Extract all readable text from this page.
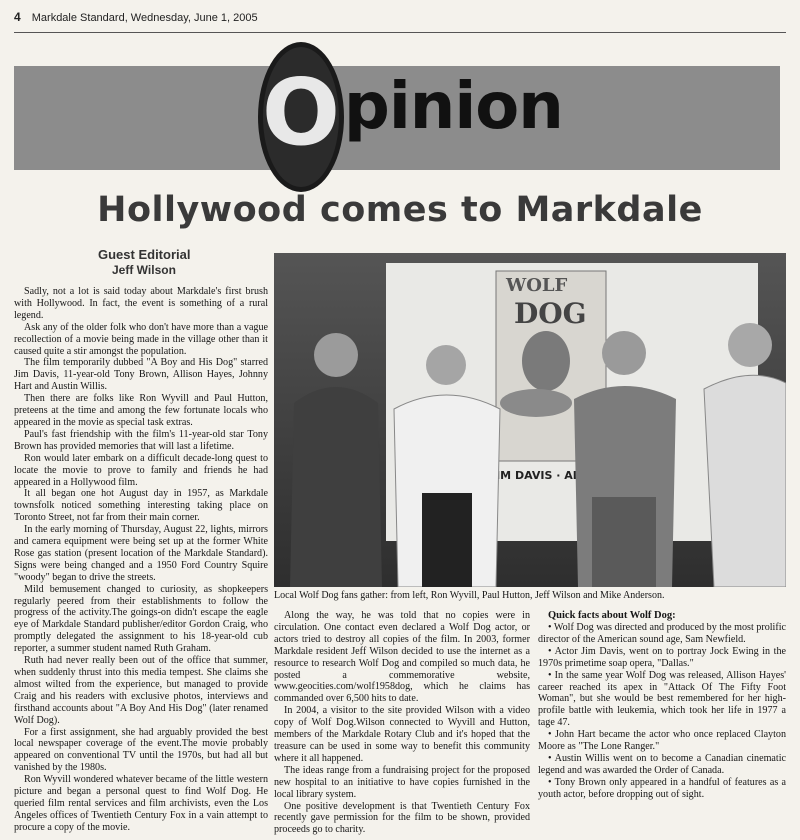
4 Markdale Standard, Wednesday, June 1, 2005
O pinion
Hollywood comes to Markdale
Guest Editorial
Jeff Wilson

Sadly, not a lot is said today about Markdale's first brush with Hollywood. In fact, the event is something of a rural legend.

Ask any of the older folk who don't have more than a vague recollection of a movie being made in the village other than it caused quite a stir amongst the population.

The film temporarily dubbed "A Boy and His Dog" starred Jim Davis, 11-year-old Tony Brown, Allison Hayes, Johnny Hart and Austin Willis.

Then there are folks like Ron Wyvill and Paul Hutton, preteens at the time and among the few fortunate locals who appeared in the movie as special task extras.

Paul's fast friendship with the film's 11-year-old star Tony Brown has provided memories that will last a lifetime.

Ron would later embark on a difficult decade-long quest to locate the movie to prove to family and friends he had appeared in a Hollywood film.

It all began one hot August day in 1957, as Markdale townsfolk noticed something interesting taking place on Toronto Street, not far from their main corner.

In the early morning of Thursday, August 22, lights, mirrors and camera equipment were being set up at the former White Rose gas station (present location of the Markdale Standard). Signs were being changed and a 1950 Ford Country Squire "woody" began to drive the streets.

Mild bemusement changed to curiosity, as shopkeepers regularly peered from their establishments to follow the progress of the activity.The goings-on didn't escape the eagle eye of Markdale Standard publisher/editor Gordon Craig, who promptly delegated the assignment to his 18-year-old cub reporter, a summer student named Ruth Graham.

Ruth had never really been out of the office that summer, when suddenly thrust into this media tempest. She claims she almost wilted from the experience, but managed to provide Craig and his readers with exclusive photos, interviews and firsthand accounts about "A Boy And His Dog" (later renamed Wolf Dog).

For a first assignment, she had arguably provided the best local newspaper coverage of the event.The movie probably appeared on conventional TV until the 1970s, but had all but vanished by the 1980s.

Ron Wyvill wondered whatever became of the little western picture and began a personal quest to find Wolf Dog. He queried film rental services and film archivists, even the Los Angeles offices of Twentieth Century Fox in a vain attempt to procure a copy of the movie.

WOLF
DOG
JIM DAVIS ·
Local Wolf Dog fans gather: from left, Ron Wyvill, Paul Hutton, Jeff Wilson and Mike Anderson.

Along the way, he was told that no copies were in circulation. One contact even declared a Wolf Dog actor, or actors tried to destroy all copies of the film. In 2003, former Markdale resident Jeff Wilson decided to use the internet as a resource to research Wolf Dog and compiled so much data, he posted a commemorative website, www.geocities.com/wolf1958dog, which he claims has commanded over 6,500 hits to date.

In 2004, a visitor to the site provided Wilson with a video copy of Wolf Dog.Wilson connected to Wyvill and Hutton, members of the Markdale Rotary Club and it's hoped that the treasure can be used in some way to benefit this community where it all happened.

The ideas range from a fundraising project for the proposed new hospital to an initiative to have copies furnished in the local library system.

One positive development is that Twentieth Century Fox recently gave permission for the film to be shown, provided proceeds go to charity.

Quick facts about Wolf Dog:

• Wolf Dog was directed and produced by the most prolific director of the American sound age, Sam Newfield.

• Actor Jim Davis, went on to portray Jock Ewing in the 1970s primetime soap opera, "Dallas."

• In the same year Wolf Dog was released, Allison Hayes' career reached its apex in "Attack Of The Fifty Foot Woman", but she would be best remembered for her high-profile battle with leukemia, which took her life in 1977 a tage 47.

• John Hart became the actor who once replaced Clayton Moore as "The Lone Ranger."

• Austin Willis went on to become a Canadian cinematic legend and was awarded the Order of Canada.

• Tony Brown only appeared in a handful of features as a youth actor, before dropping out of sight.
